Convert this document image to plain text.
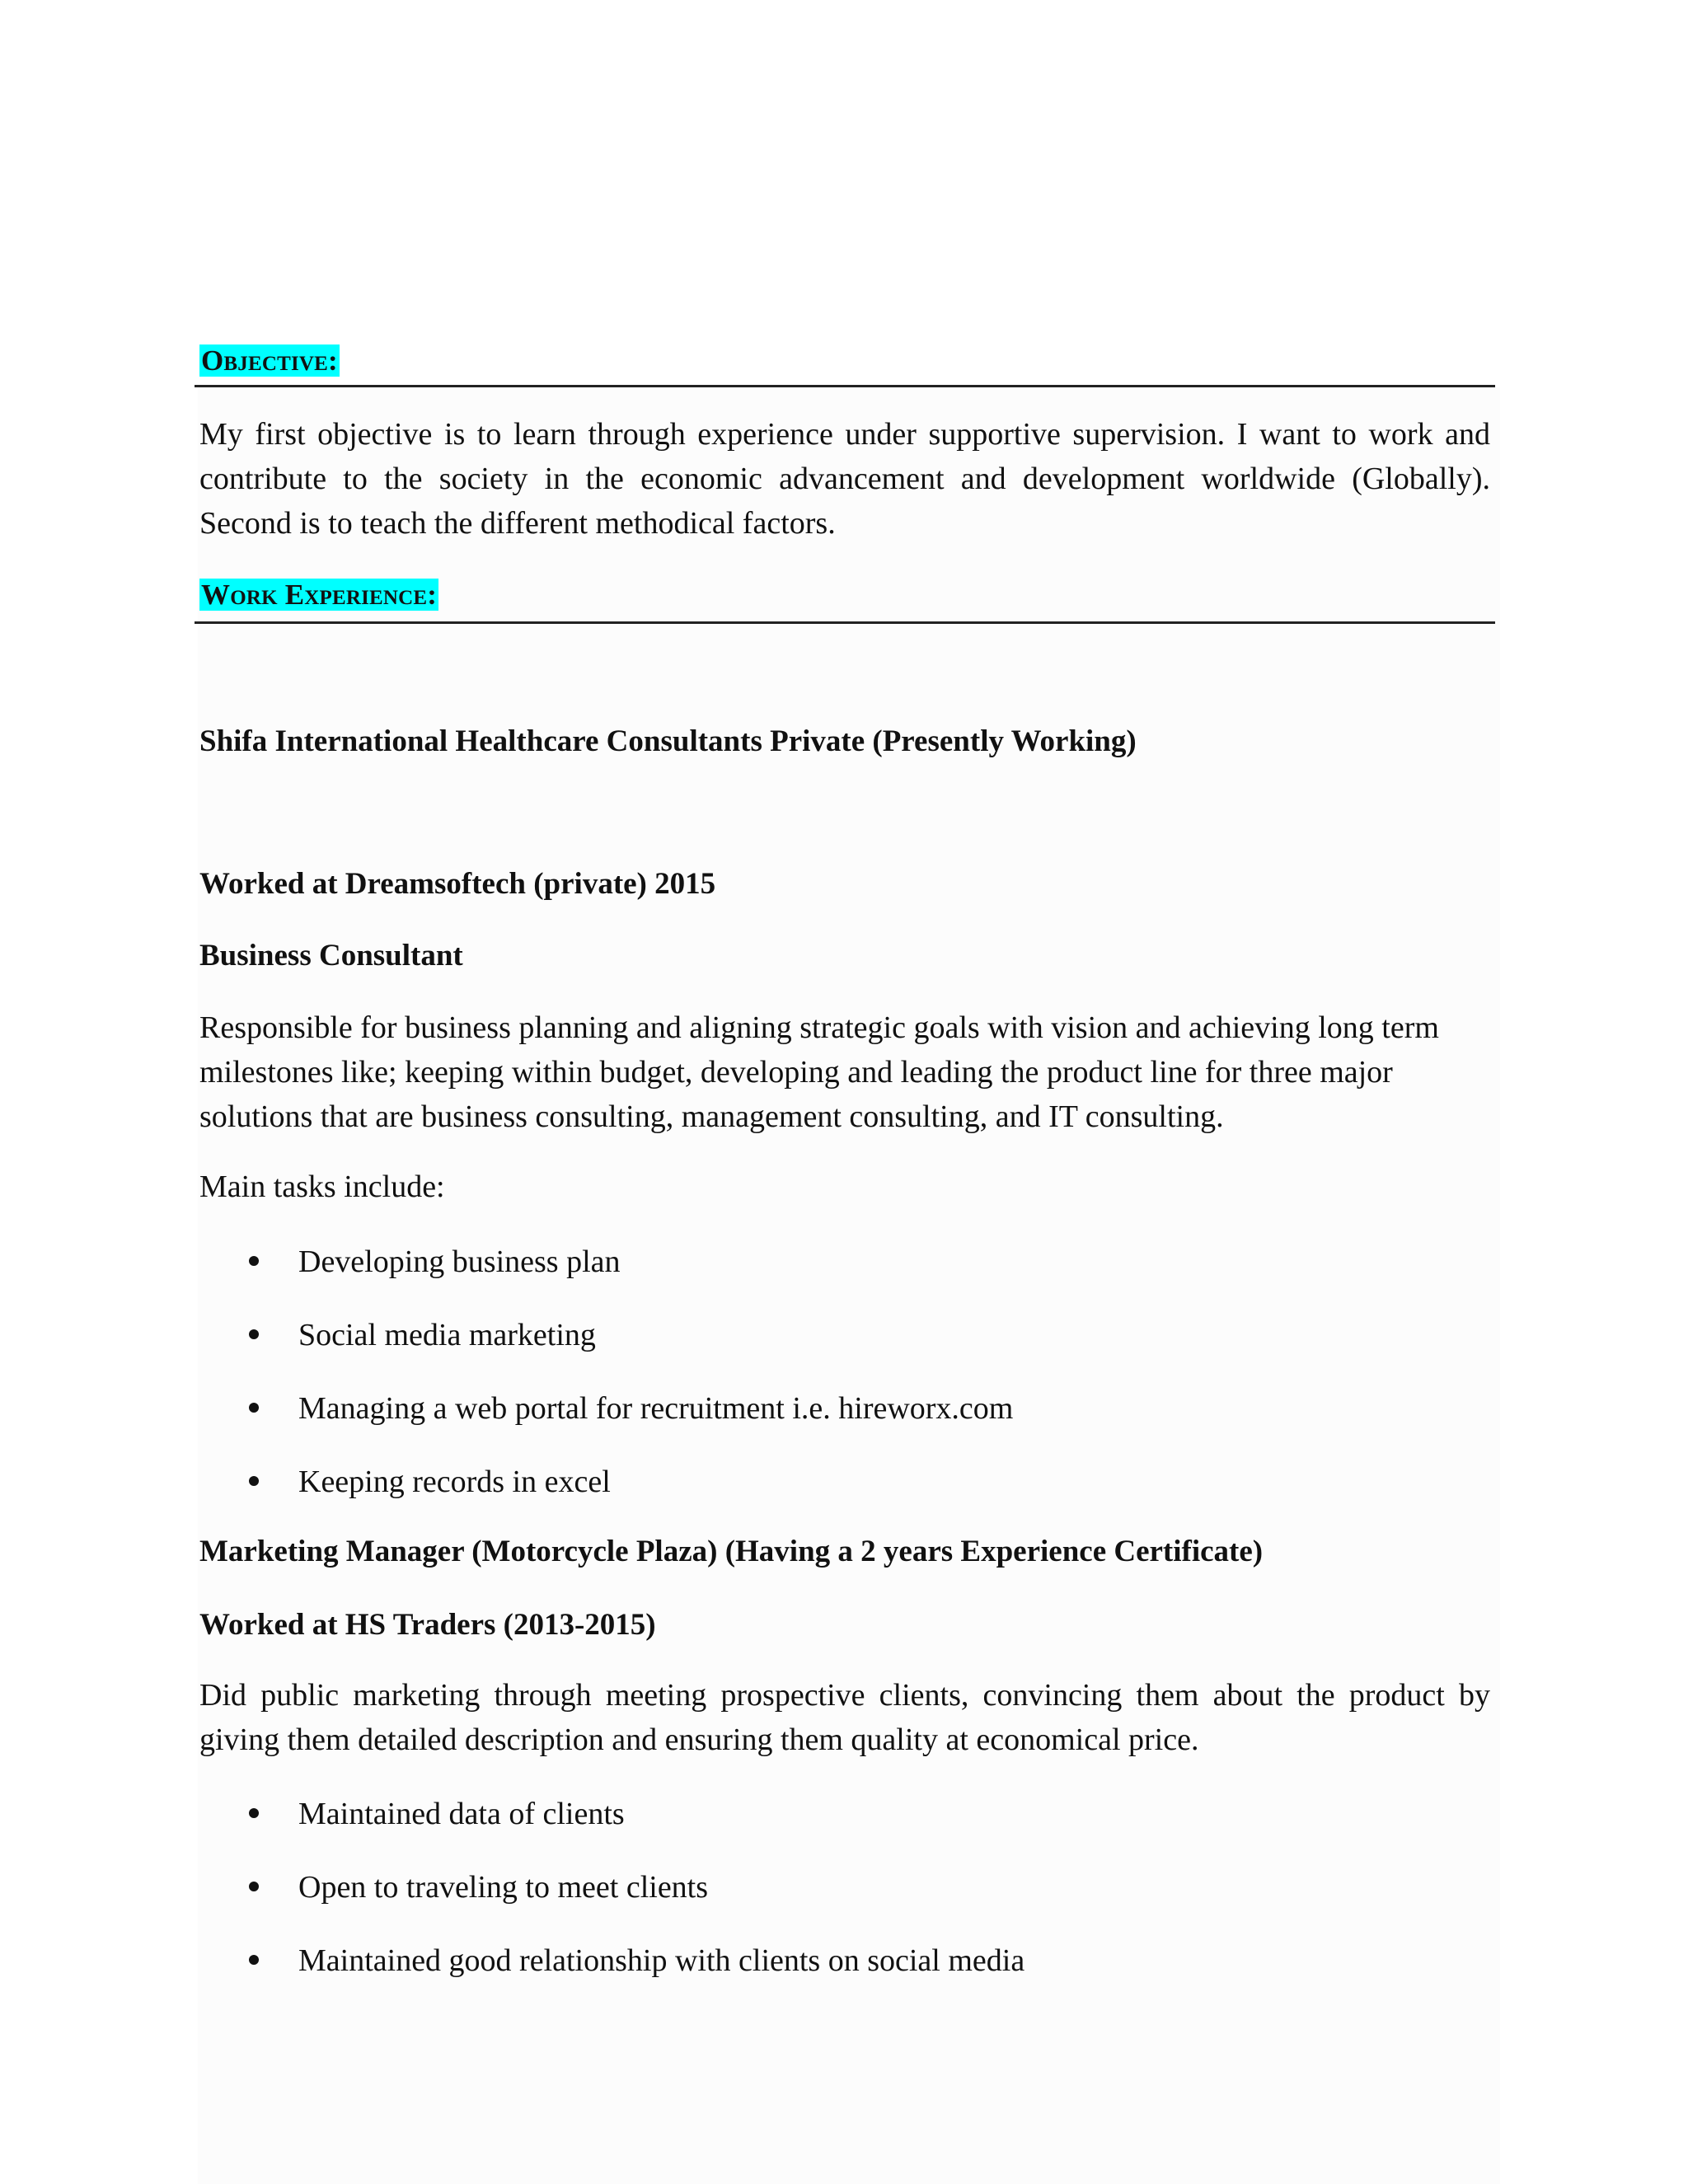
Objective:

My first objective is to learn through experience under supportive supervision. I want to work and contribute to the society in the economic advancement and development worldwide (Globally). Second is to teach the different methodical factors.

Work Experience:

Shifa International Healthcare Consultants Private (Presently Working)

Worked at Dreamsoftech (private) 2015

Business Consultant

Responsible for business planning and aligning strategic goals with vision and achieving long term milestones like; keeping within budget, developing and leading the product line for three major solutions that are business consulting, management consulting, and IT consulting.

Main tasks include:

Developing business plan
Social media marketing
Managing a web portal for recruitment i.e. hireworx.com
Keeping records in excel

Marketing Manager (Motorcycle Plaza) (Having a 2 years Experience Certificate)

Worked at HS Traders (2013-2015)

Did public marketing through meeting prospective clients, convincing them about the product by giving them detailed description and ensuring them quality at economical price.

Maintained data of clients
Open to traveling to meet clients
Maintained good relationship with clients on social media
